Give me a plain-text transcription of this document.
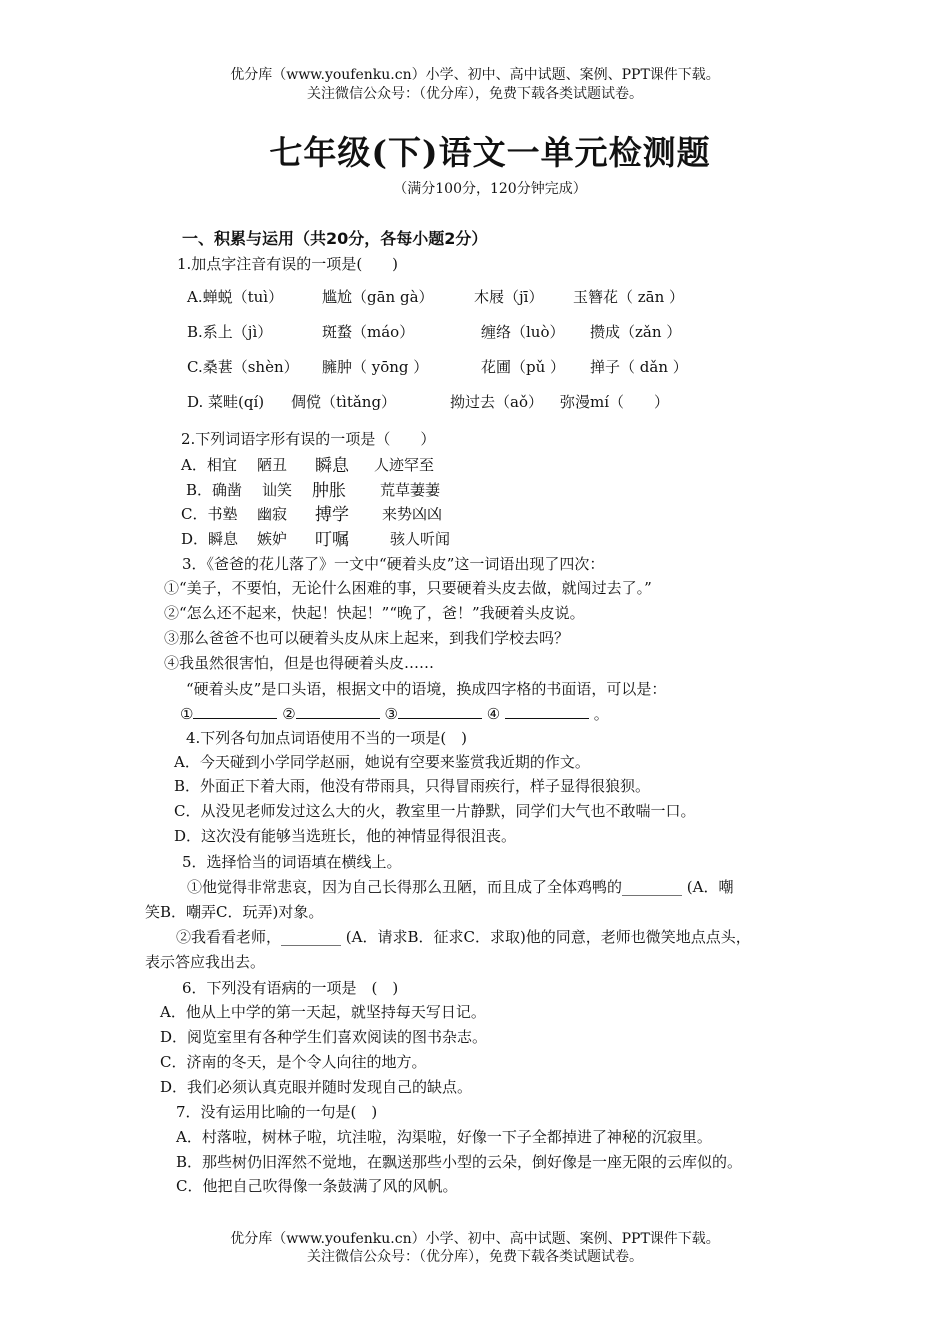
优分库（www.youfenku.cn）小学、初中、高中试题、案例、PPT课件下载。
关注微信公众号：（优分库），免费下载各类试题试卷。
七年级(下)语文一单元检测题
（满分100分，120分钟完成）
一、积累与运用（共20分，各每小题2分）
1.加点字注音有误的一项是(　　)
A.蝉蜕（tuì）	尴尬（gān gà）	木屐（jī） 玉簪花（ zān ）
B.系上（jì）	斑蝥（máo）	缠络（luò） 攒成（zǎn ）
C.桑葚（shèn） 臃肿（ yōng ）	花圃（pǔ ） 掸子（ dǎn ）
D. 菜畦(qí) 倜傥（tìtǎng）	拗过去（aǒ） 弥漫mí（　　）
2.下列词语字形有误的一项是（　　）
A．相宜 陋丑 瞬息 人迹罕至
B．确凿 讪笑 肿胀 荒草萋萋
C．书塾 幽寂 搏学 来势凶凶
D．瞬息 嫉妒 叮嘱	骇人听闻
3．《爸爸的花儿落了》一文中“硬着头皮”这一词语出现了四次：
①“美子，不要怕，无论什么困难的事，只要硬着头皮去做，就闯过去了。”
②“怎么还不起来，快起！快起！”“晚了，爸！”我硬着头皮说。
③那么爸爸不也可以硬着头皮从床上起来，到我们学校去吗？
④我虽然很害怕，但是也得硬着头皮……
“硬着头皮”是口头语，根据文中的语境，换成四字格的书面语，可以是：
①	②	③	④	。
4.下列各句加点词语使用不当的一项是(　)
A．今天碰到小学同学赵丽，她说有空要来鉴赏我近期的作文。
B．外面正下着大雨，他没有带雨具，只得冒雨疾行，样子显得很狼狈。
C．从没见老师发过这么大的火，教室里一片静默，同学们大气也不敢喘一口。
D．这次没有能够当选班长，他的神情显得很沮丧。
5．选择恰当的词语填在横线上。
①他觉得非常悲哀，因为自己长得那么丑陋，而且成了全体鸡鸭的________ (A．嘲
笑B．嘲弄C．玩弄)对象。
②我看看老师，________ (A．请求B．征求C．求取)他的同意，老师也微笑地点点头，
表示答应我出去。
6．下列没有语病的一项是　(　)
A．他从上中学的第一天起，就坚持每天写日记。
D．阅览室里有各种学生们喜欢阅读的图书杂志。
C．济南的冬天，是个令人向往的地方。
D．我们必须认真克眼并随时发现自己的缺点。
7．没有运用比喻的一句是(　)
A．村落啦，树林子啦，坑洼啦，沟渠啦，好像一下子全都掉进了神秘的沉寂里。
B．那些树仍旧浑然不觉地，在飘送那些小型的云朵，倒好像是一座无限的云库似的。
C．他把自己吹得像一条鼓满了风的风帆。
优分库（www.youfenku.cn）小学、初中、高中试题、案例、PPT课件下载。
关注微信公众号：（优分库），免费下载各类试题试卷。
